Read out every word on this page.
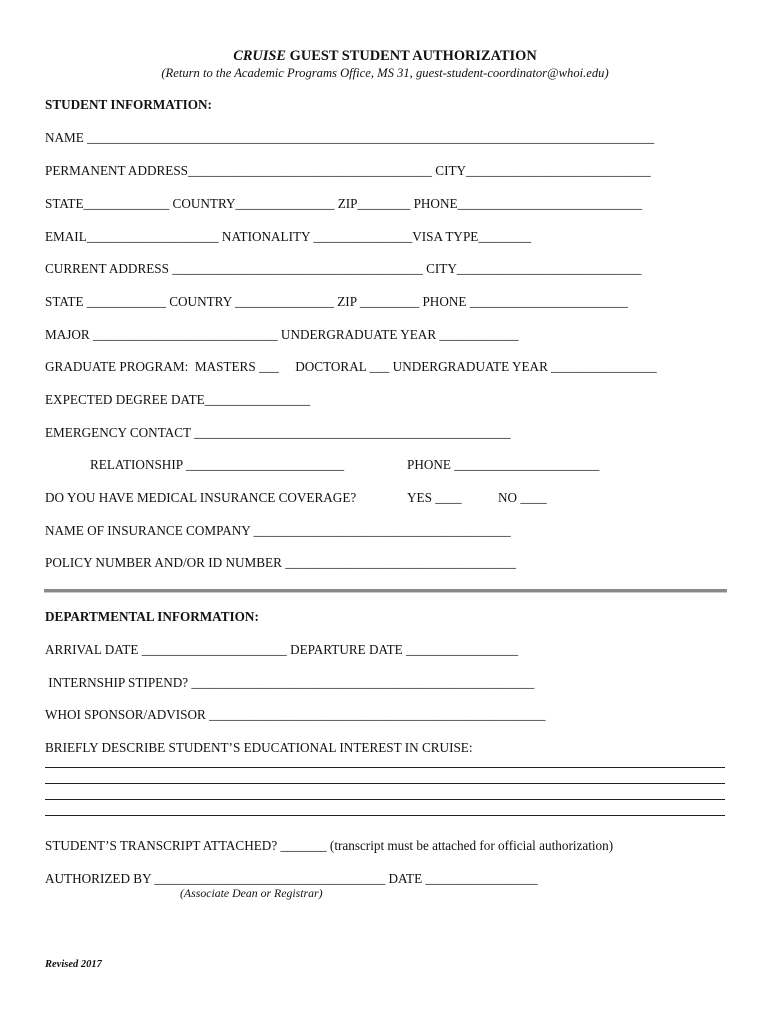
CRUISE GUEST STUDENT AUTHORIZATION
(Return to the Academic Programs Office, MS 31, guest-student-coordinator@whoi.edu)
STUDENT INFORMATION:
NAME ______________________________________________________________________________________
PERMANENT ADDRESS_____________________________________ CITY____________________________
STATE_____________ COUNTRY_______________ ZIP________ PHONE____________________________
EMAIL____________________ NATIONALITY _______________VISA TYPE________
CURRENT ADDRESS ______________________________________ CITY____________________________
STATE ____________ COUNTRY _______________ ZIP _________ PHONE ________________________
MAJOR ____________________________ UNDERGRADUATE YEAR ____________
GRADUATE PROGRAM:  MASTERS ___     DOCTORAL ___ UNDERGRADUATE YEAR ________________
EXPECTED DEGREE DATE________________
EMERGENCY CONTACT ________________________________________________
RELATIONSHIP ________________________	PHONE ______________________
DO YOU HAVE MEDICAL INSURANCE COVERAGE?	YES ____	NO ____
NAME OF INSURANCE COMPANY _______________________________________
POLICY NUMBER AND/OR ID NUMBER ___________________________________
DEPARTMENTAL INFORMATION:
ARRIVAL DATE ______________________ DEPARTURE DATE _________________
INTERNSHIP STIPEND? ____________________________________________________
WHOI SPONSOR/ADVISOR ___________________________________________________
BRIEFLY DESCRIBE STUDENT’S EDUCATIONAL INTEREST IN CRUISE:
STUDENT’S TRANSCRIPT ATTACHED? _______ (transcript must be attached for official authorization)
AUTHORIZED BY ___________________________________ DATE _________________
(Associate Dean or Registrar)
Revised 2017
